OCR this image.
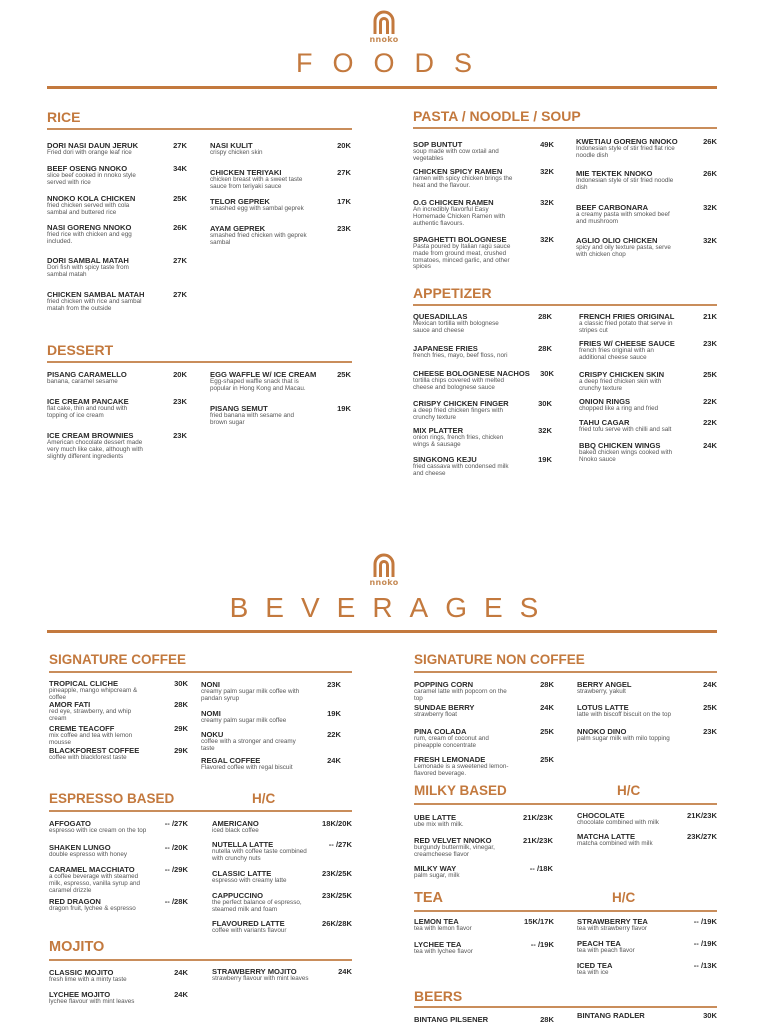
nnoko
FOODS
RICE
DORI NASI DAUN JERUK	27K
Fried dori with orange leaf rice
BEEF OSENG NNOKO	34K
slice beef cooked in nnoko style served with rice
NNOKO KOLA CHICKEN	25K
fried chicken served with cola sambal and buttered rice
NASI GORENG NNOKO	26K
fried rice with chicken and egg included.
DORI SAMBAL MATAH	27K
Dori fish with spicy taste from sambal matah
CHICKEN SAMBAL MATAH	27K
fried chicken with rice and sambal matah from the outside
NASI KULIT	20K
crispy chicken skin
CHICKEN TERIYAKI	27K
chicken breast with a sweet taste sauce from teriyaki sauce
TELOR GEPREK	17K
smashed egg with sambal geprek
AYAM GEPREK	23K
smashed fried chicken with geprek sambal
PASTA / NOODLE / SOUP
SOP BUNTUT	49K
soup made with cow oxtail and vegetables
CHICKEN SPICY RAMEN	32K
ramen with spicy chicken brings the heat and the flavour.
O.G CHICKEN RAMEN	32K
An incredibly flavorful Easy Homemade Chicken Ramen with authentic flavours.
SPAGHETTI BOLOGNESE	32K
Pasta poured by Italian ragù sauce made from ground meat, crushed tomatoes, minced garlic, and other spices
KWETIAU GORENG NNOKO	26K
Indonesian style of stir fried flat rice noodle dish
MIE TEKTEK NNOKO	26K
Indonesian style of stir fried noodle dish
BEEF CARBONARA	32K
a creamy pasta with smoked beef and mushroom
AGLIO OLIO CHICKEN	32K
spicy and oily texture pasta, serve with chicken chop
DESSERT
PISANG CARAMELLO	20K
banana, caramel sesame
ICE CREAM PANCAKE	23K
flat cake, thin and round with topping of ice cream
ICE CREAM BROWNIES	23K
American chocolate dessert made very much like cake, although with slightly different ingredients
EGG WAFFLE W/ ICE CREAM	25K
Egg-shaped waffle snack that is popular in Hong Kong and Macau.
PISANG SEMUT	19K
fried banana with sesame and brown sugar
APPETIZER
QUESADILLAS	28K
Mexican tortilla with bolognese sauce and cheese
JAPANESE FRIES	28K
french fries, mayo, beef floss, nori
CHEESE BOLOGNESE NACHOS	30K
tortilla chips covered with melted cheese and bolognese sauce
CRISPY CHICKEN FINGER	30K
a deep fried chicken fingers with crunchy texture
MIX PLATTER	32K
onion rings, french fries, chicken wings & sausage
SINGKONG KEJU	19K
fried cassava with condensed milk and cheese
FRENCH FRIES ORIGINAL	21K
a classic fried potato that serve in stripes cut
FRIES W/ CHEESE SAUCE	23K
french fries original with an additional cheese sauce
CRISPY CHICKEN SKIN	25K
a deep fried chicken skin with crunchy texture
ONION RINGS	22K
chopped like a ring and fried
TAHU CAGAR	22K
fried tofu serve with chilli and salt
BBQ CHICKEN WINGS	24K
baked chicken wings cooked with Nnoko sauce
nnoko
BEVERAGES
SIGNATURE COFFEE
TROPICAL CLICHE	30K
pineapple, mango whipcream & coffee
AMOR FATI	28K
red eye, strawberry, and whip cream
CREME TEACOFF	29K
mix coffee and tea with lemon mousse
BLACKFOREST COFFEE	29K
coffee with blackforest taste
NONI	23K
creamy palm sugar milk coffee with pandan syrup
NOMI	19K
creamy palm sugar milk coffee
NOKU	22K
coffee with a stronger and creamy taste
REGAL COFFEE	24K
Flavored coffee with regal biscuit
ESPRESSO BASED	H/C
AFFOGATO	-- /27K
espresso with ice cream on the top
SHAKEN LUNGO	-- /20K
double espresso with honey
CARAMEL MACCHIATO	-- /29K
a coffee beverage with steamed milk, espresso, vanilla syrup and caramel drizzle
RED DRAGON	-- /28K
dragon fruit, lychee & espresso
AMERICANO	18K/20K
iced black coffee
NUTELLA LATTE	-- /27K
nutella with coffee taste combined with crunchy nuts
CLASSIC LATTE	23K/25K
espresso with creamy latte
CAPPUCCINO	23K/25K
the perfect balance of espresso, steamed milk and foam
FLAVOURED LATTE	26K/28K
coffee with variants flavour
MOJITO
CLASSIC MOJITO	24K
fresh lime with a minty taste
LYCHEE MOJITO	24K
lychee flavour with mint leaves
STRAWBERRY MOJITO	24K
strawberry flavour with mint leaves
SIGNATURE NON COFFEE
POPPING CORN	28K
caramel latte with popcorn on the top
SUNDAE BERRY	24K
strawberry float
PINA COLADA	25K
rum, cream of coconut and pineapple concentrate
FRESH LEMONADE	25K
Lemonade is a sweetened lemon-flavored beverage.
BERRY ANGEL	24K
strawberry, yakult
LOTUS LATTE	25K
latte with biscoff biscuit on the top
NNOKO DINO	23K
palm sugar milk with milo topping
MILKY BASED	H/C
UBE LATTE	21K/23K
ube mix with milk.
RED VELVET NNOKO	21K/23K
burgundy buttermilk, vinegar, creamcheese flavor
MILKY WAY	-- /18K
palm sugar, milk
CHOCOLATE	21K/23K
chocolate combined with milk
MATCHA LATTE	23K/27K
matcha combined with milk
TEA	H/C
LEMON TEA	15K/17K
tea with lemon flavor
LYCHEE TEA	-- /19K
tea with lychee flavor
STRAWBERRY TEA	-- /19K
tea with strawberry flavor
PEACH TEA	-- /19K
tea with peach flavor
ICED TEA	-- /13K
tea with ice
BEERS
BINTANG PILSENER	28K	BINTANG RADLER	30K
